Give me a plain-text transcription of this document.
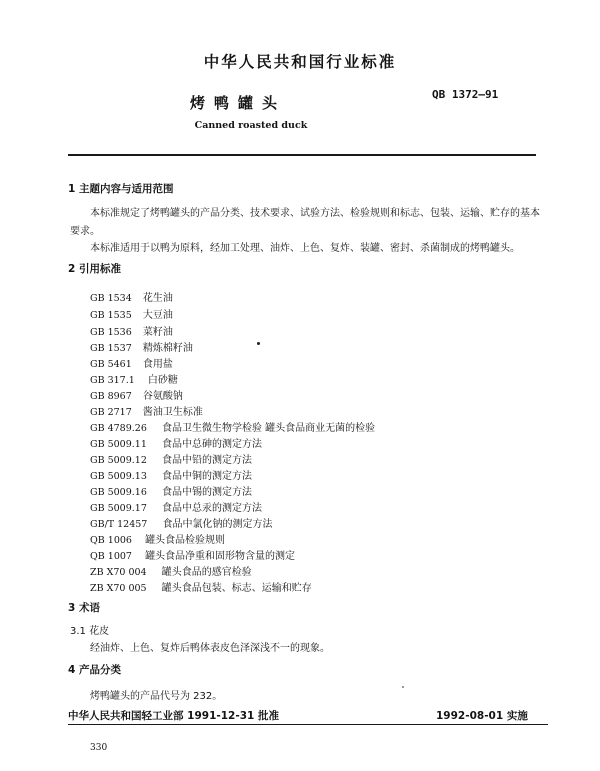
中华人民共和国行业标准
烤鸭罐头	QB 1372—91
Canned roasted duck
1 主题内容与适用范围
本标准规定了烤鸭罐头的产品分类、技术要求、试验方法、检验规则和标志、包装、运输、贮存的基本
要求。
本标准适用于以鸭为原料，经加工处理、油炸、上色、复炸、装罐、密封、杀菌制成的烤鸭罐头。
2 引用标准
GB 1534 花生油
GB 1535 大豆油
GB 1536 菜籽油
GB 1537 精炼棉籽油
GB 5461 食用盐
GB 317.1 白砂糖
GB 8967 谷氨酸钠
GB 2717 酱油卫生标准
GB 4789.26 食品卫生微生物学检验 罐头食品商业无菌的检验
GB 5009.11 食品中总砷的测定方法
GB 5009.12 食品中铅的测定方法
GB 5009.13 食品中铜的测定方法
GB 5009.16 食品中锡的测定方法
GB 5009.17 食品中总汞的测定方法
GB/T 12457 食品中氯化钠的测定方法
QB 1006 罐头食品检验规则
QB 1007 罐头食品净重和固形物含量的测定
ZB X70 004 罐头食品的感官检验
ZB X70 005 罐头食品包装、标志、运输和贮存
3 术语
3.1 花皮
经油炸、上色、复炸后鸭体表皮色泽深浅不一的现象。
4 产品分类
烤鸭罐头的产品代号为 232。
中华人民共和国轻工业部 1991-12-31 批准	1992-08-01 实施
330
